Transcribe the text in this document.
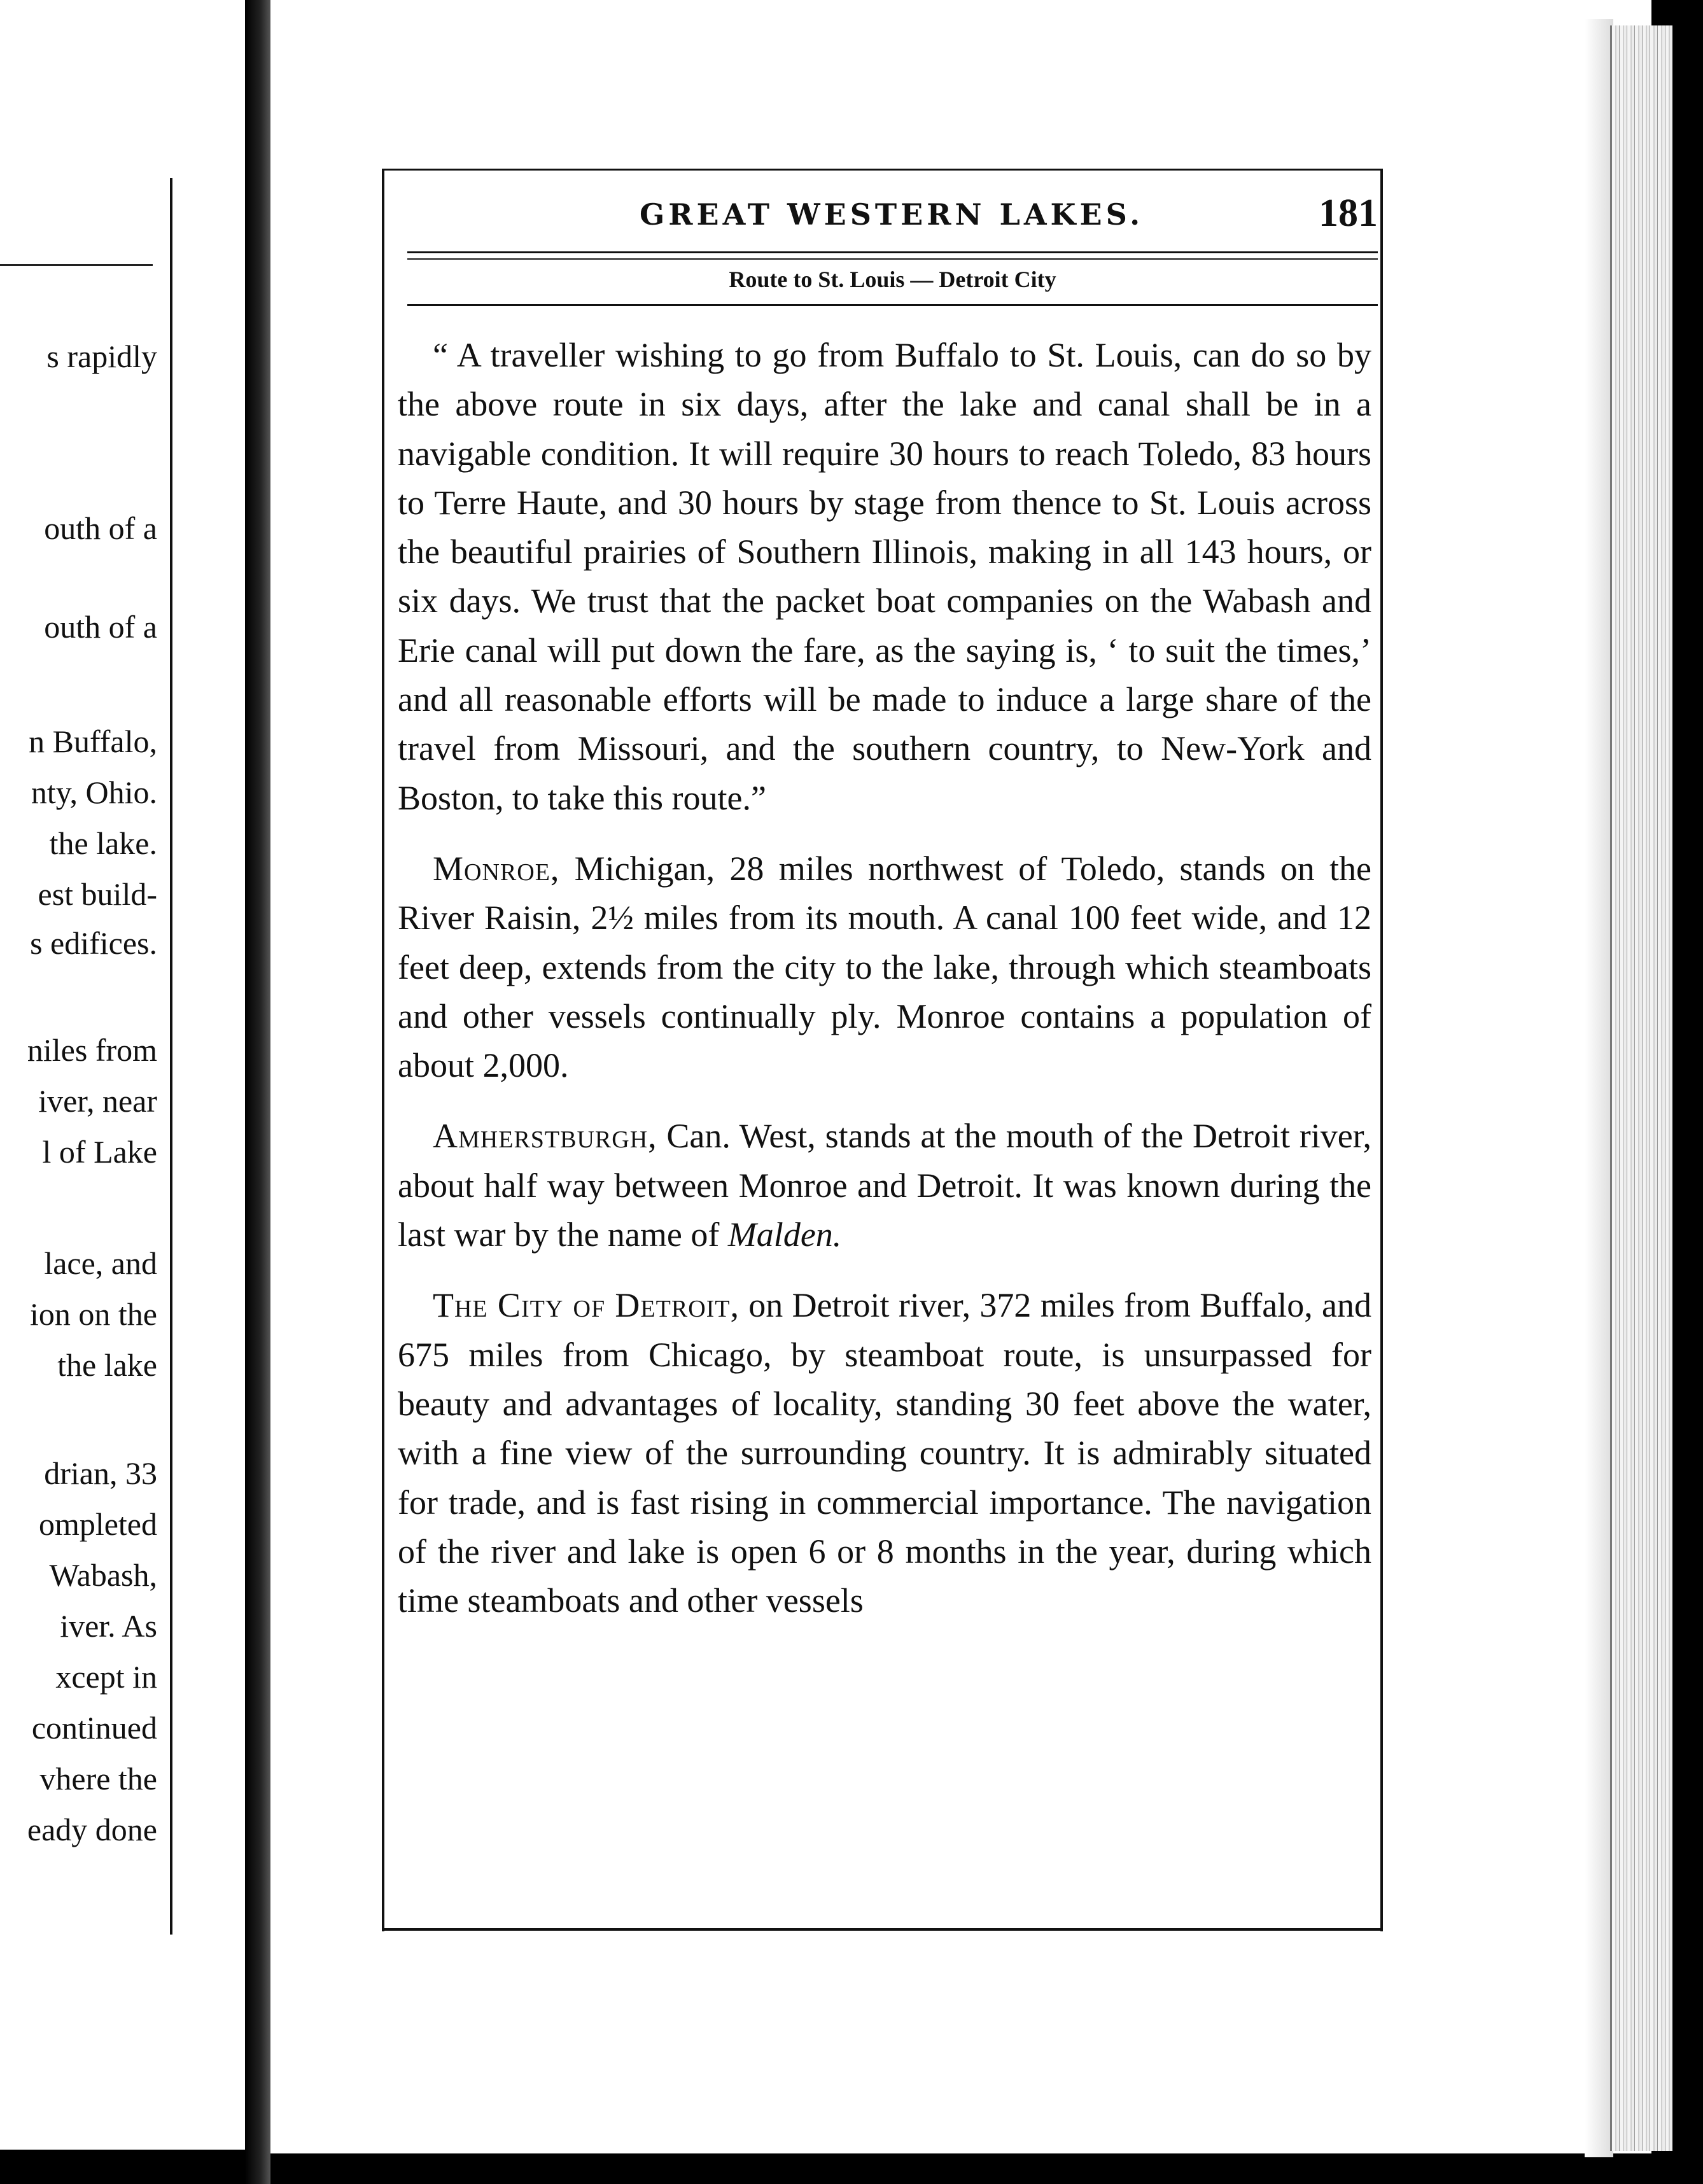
s rapidly
outh of a
outh of a
n Buffalo,
nty, Ohio.
the lake.
est build-
s edifices.
niles from
iver, near
l of Lake
lace, and
ion on the
the lake
drian, 33
ompleted
Wabash,
iver. As
xcept in
continued
vhere the
eady done
GREAT WESTERN LAKES.	181
Route to St. Louis — Detroit City

“ A traveller wishing to go from Buffalo to St. Louis, can do so by the above route in six days, after the lake and canal shall be in a navigable condition. It will require 30 hours to reach Toledo, 83 hours to Terre Haute, and 30 hours by stage from thence to St. Louis across the beautiful prairies of Southern Illinois, making in all 143 hours, or six days. We trust that the packet boat companies on the Wabash and Erie canal will put down the fare, as the saying is, ‘ to suit the times,’ and all reasonable efforts will be made to induce a large share of the travel from Missouri, and the southern country, to New-York and Boston, to take this route.”

Monroe, Michigan, 28 miles northwest of Toledo, stands on the River Raisin, 2½ miles from its mouth. A canal 100 feet wide, and 12 feet deep, extends from the city to the lake, through which steamboats and other vessels continually ply. Monroe contains a population of about 2,000.

Amherstburgh, Can. West, stands at the mouth of the Detroit river, about half way between Monroe and Detroit. It was known during the last war by the name of Malden.

The City of Detroit, on Detroit river, 372 miles from Buffalo, and 675 miles from Chicago, by steamboat route, is unsurpassed for beauty and advantages of locality, standing 30 feet above the water, with a fine view of the surrounding country. It is admirably situated for trade, and is fast rising in commercial importance. The navigation of the river and lake is open 6 or 8 months in the year, during which time steamboats and other vessels
